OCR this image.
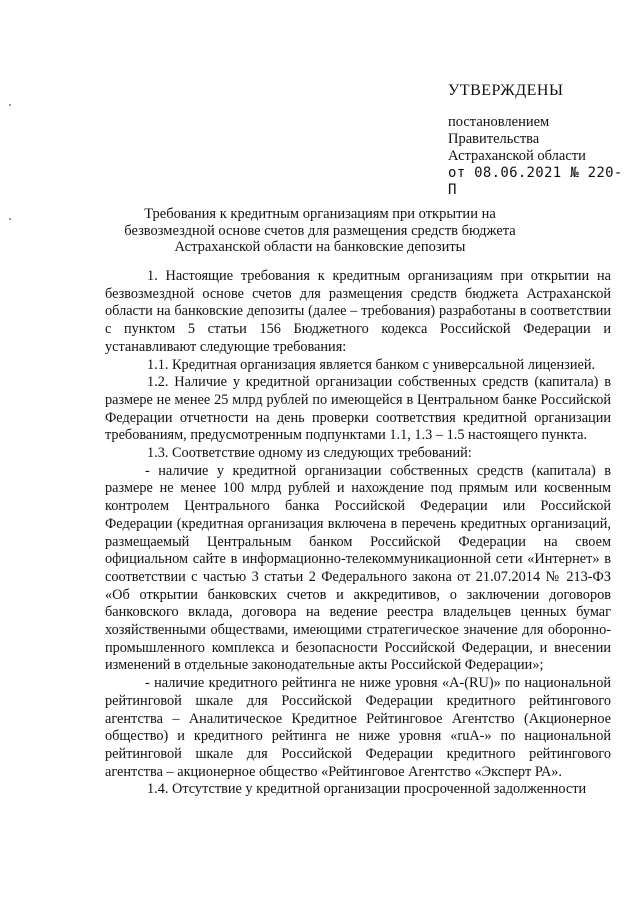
УТВЕРЖДЕНЫ
постановлением
Правительства
Астраханской области
от 08.06.2021 № 220-П
Требования к кредитным организациям при открытии на безвозмездной основе счетов для размещения средств бюджета Астраханской области на банковские депозиты

1. Настоящие требования к кредитным организациям при открытии на безвозмездной основе счетов для размещения средств бюджета Астраханской области на банковские депозиты (далее – требования) разработаны в соответствии с пунктом 5 статьи 156 Бюджетного кодекса Российской Федерации и устанавливают следующие требования:

1.1. Кредитная организация является банком с универсальной лицензией.

1.2. Наличие у кредитной организации собственных средств (капитала) в размере не менее 25 млрд рублей по имеющейся в Центральном банке Российской Федерации отчетности на день проверки соответствия кредитной организации требованиям, предусмотренным подпунктами 1.1, 1.3 – 1.5 настоящего пункта.

1.3. Соответствие одному из следующих требований:

- наличие у кредитной организации собственных средств (капитала) в размере не менее 100 млрд рублей и нахождение под прямым или косвенным контролем Центрального банка Российской Федерации или Российской Федерации (кредитная организация включена в перечень кредитных организаций, размещаемый Центральным банком Российской Федерации на своем официальном сайте в информационно-телекоммуникационной сети «Интернет» в соответствии с частью 3 статьи 2 Федерального закона от 21.07.2014 № 213-ФЗ «Об открытии банковских счетов и аккредитивов, о заключении договоров банковского вклада, договора на ведение реестра владельцев ценных бумаг хозяйственными обществами, имеющими стратегическое значение для оборонно-промышленного комплекса и безопасности Российской Федерации, и внесении изменений в отдельные законодательные акты Российской Федерации»;

- наличие кредитного рейтинга не ниже уровня «A-(RU)» по национальной рейтинговой шкале для Российской Федерации кредитного рейтингового агентства – Аналитическое Кредитное Рейтинговое Агентство (Акционерное общество) и кредитного рейтинга не ниже уровня «ruA-» по национальной рейтинговой шкале для Российской Федерации кредитного рейтингового агентства – акционерное общество «Рейтинговое Агентство «Эксперт РА».

1.4. Отсутствие у кредитной организации просроченной задолженности
